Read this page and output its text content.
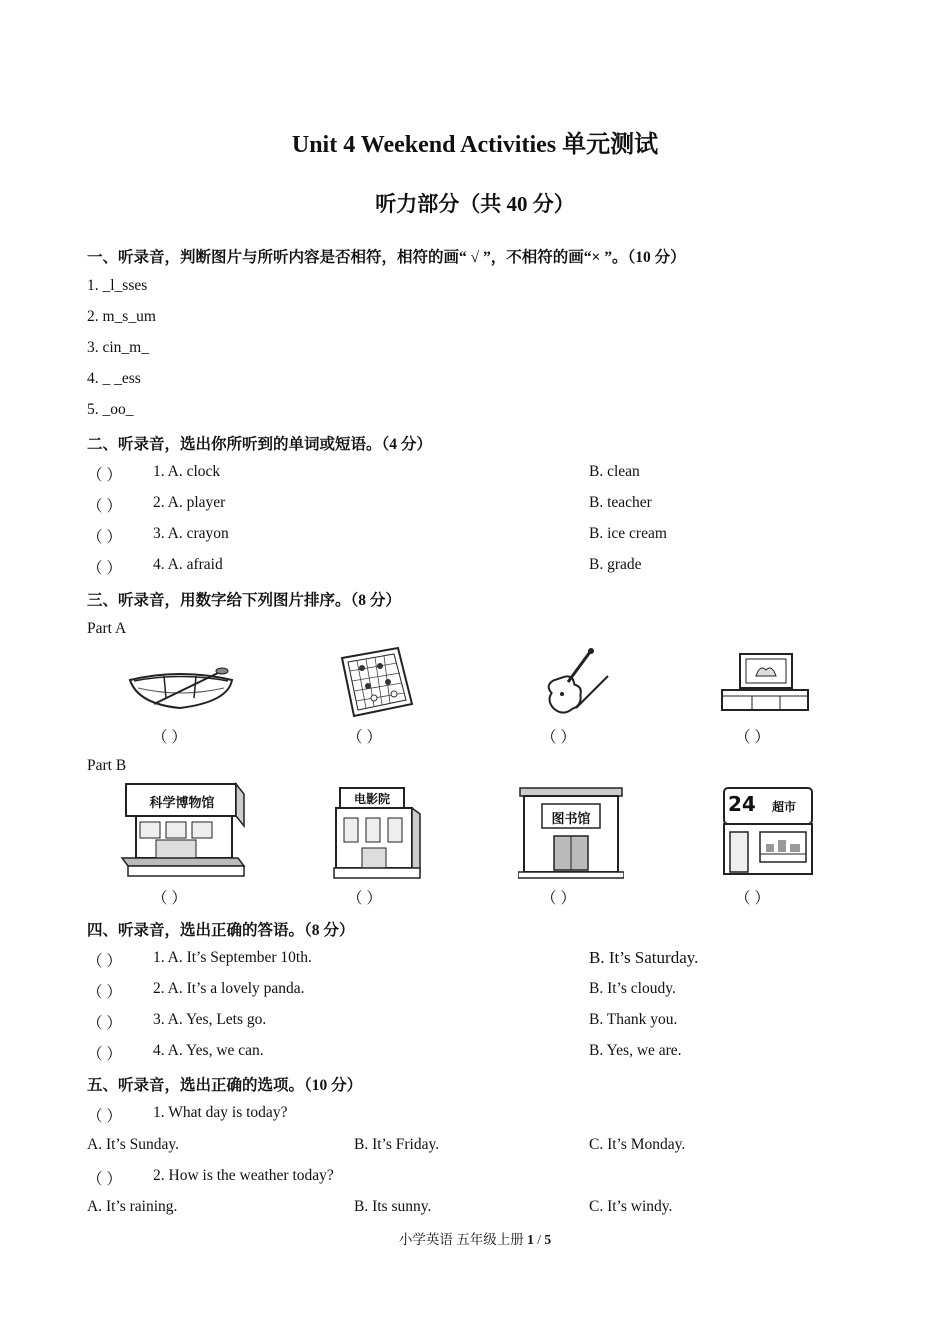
Unit 4 Weekend Activities 单元测试
听力部分（共 40 分）
一、听录音，判断图片与所听内容是否相符，相符的画“ √ ”，不相符的画“× ”。（10 分）
1. _l_sses
2. m_s_um
3. cin_m_
4. _ _ess
5. _oo_
二、听录音，选出你所听到的单词或短语。（4 分）
（ ） 1. A. clock	B. clean
（ ） 2. A. player	B. teacher
（ ） 3. A. crayon	B. ice cream
（ ） 4. A. afraid	B. grade
三、听录音，用数字给下列图片排序。（8 分）
Part A
（ ）	（ ）	（ ）	（ ）
Part B
科学博物馆	电影院
图书馆
24 超市
（ ）	（ ）	（ ）	（ ）
四、听录音，选出正确的答语。（8 分）
（ ） 1. A. It’s September 10th.	B. It’s Saturday.
（ ） 2. A. It’s a lovely panda.	B. It’s cloudy.
（ ） 3. A. Yes, Lets go.	B. Thank you.
（ ） 4. A. Yes, we can.	B. Yes, we are.
五、听录音，选出正确的选项。（10 分）
（ ） 1. What day is today?
A. It’s Sunday.	B. It’s Friday.	C. It’s Monday.
（ ） 2. How is the weather today?
A. It’s raining.	B. Its sunny.	C. It’s windy.
小学英语 五年级上册 1 / 5
